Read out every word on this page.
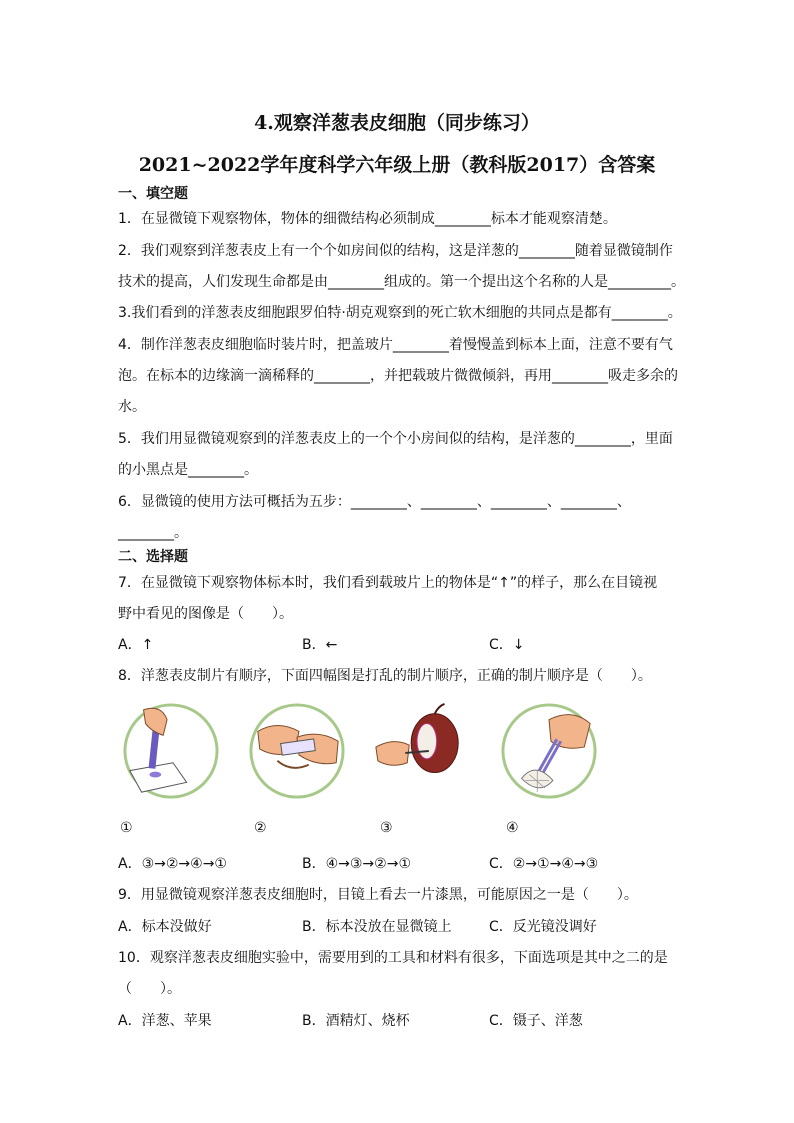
4.观察洋葱表皮细胞（同步练习）
2021~2022学年度科学六年级上册（教科版2017）含答案
一、填空题
1．在显微镜下观察物体，物体的细微结构必须制成________标本才能观察清楚。
2．我们观察到洋葱表皮上有一个个如房间似的结构，这是洋葱的________随着显微镜制作
技术的提高，人们发现生命都是由________组成的。第一个提出这个名称的人是_________。
3.我们看到的洋葱表皮细胞跟罗伯特·胡克观察到的死亡软木细胞的共同点是都有________。
4．制作洋葱表皮细胞临时装片时，把盖玻片________着慢慢盖到标本上面，注意不要有气
泡。在标本的边缘滴一滴稀释的________，并把载玻片微微倾斜，再用________吸走多余的
水。
5．我们用显微镜观察到的洋葱表皮上的一个个小房间似的结构，是洋葱的________，里面
的小黑点是________。
6．显微镜的使用方法可概括为五步：________、________、________、________、
________。
二、选择题
7．在显微镜下观察物体标本时，我们看到载玻片上的物体是“↑”的样子，那么在目镜视
野中看见的图像是（　　）。
A．↑	B．←	C．↓
8．洋葱表皮制片有顺序，下面四幅图是打乱的制片顺序，正确的制片顺序是（　　）。
①	②	③	④
A．③→②→④→①	B．④→③→②→①	C．②→①→④→③
9．用显微镜观察洋葱表皮细胞时，目镜上看去一片漆黑，可能原因之一是（　　）。
A．标本没做好	B．标本没放在显微镜上	C．反光镜没调好
10．观察洋葱表皮细胞实验中，需要用到的工具和材料有很多，下面选项是其中之二的是
（　　）。
A．洋葱、苹果	B．酒精灯、烧杯	C．镊子、洋葱
